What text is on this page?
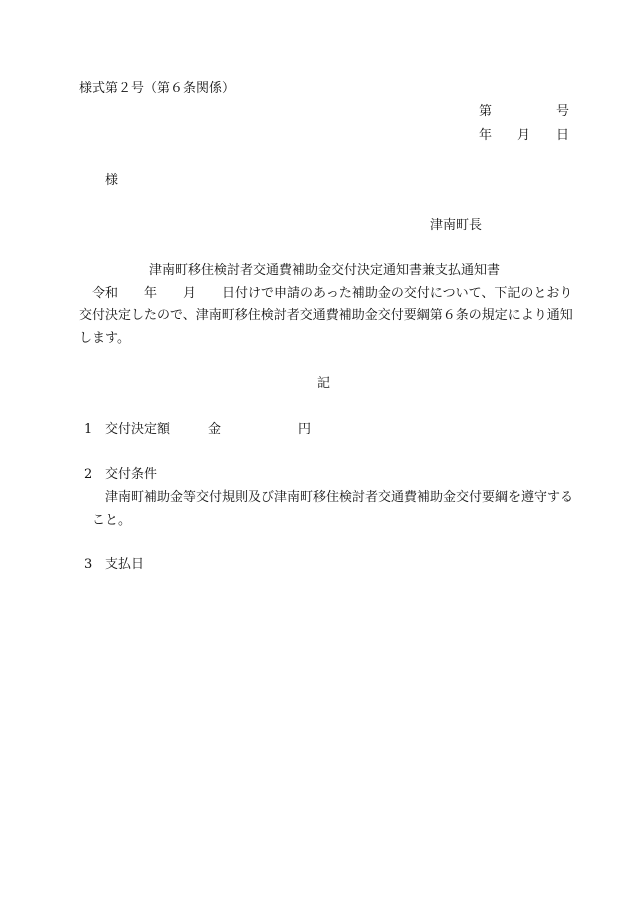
様式第２号（第６条関係）
第	号
年 月 日
様
津南町長
津南町移住検討者交通費補助金交付決定通知書兼支払通知書
令和 年 月 日付けで申請のあった補助金の交付について、下記のとおり
交付決定したので、津南町移住検討者交通費補助金交付要綱第６条の規定により通知
します。
記
1 交付決定額	金	円
2 交付条件
津南町補助金等交付規則及び津南町移住検討者交通費補助金交付要綱を遵守する
こと。
3 支払日
